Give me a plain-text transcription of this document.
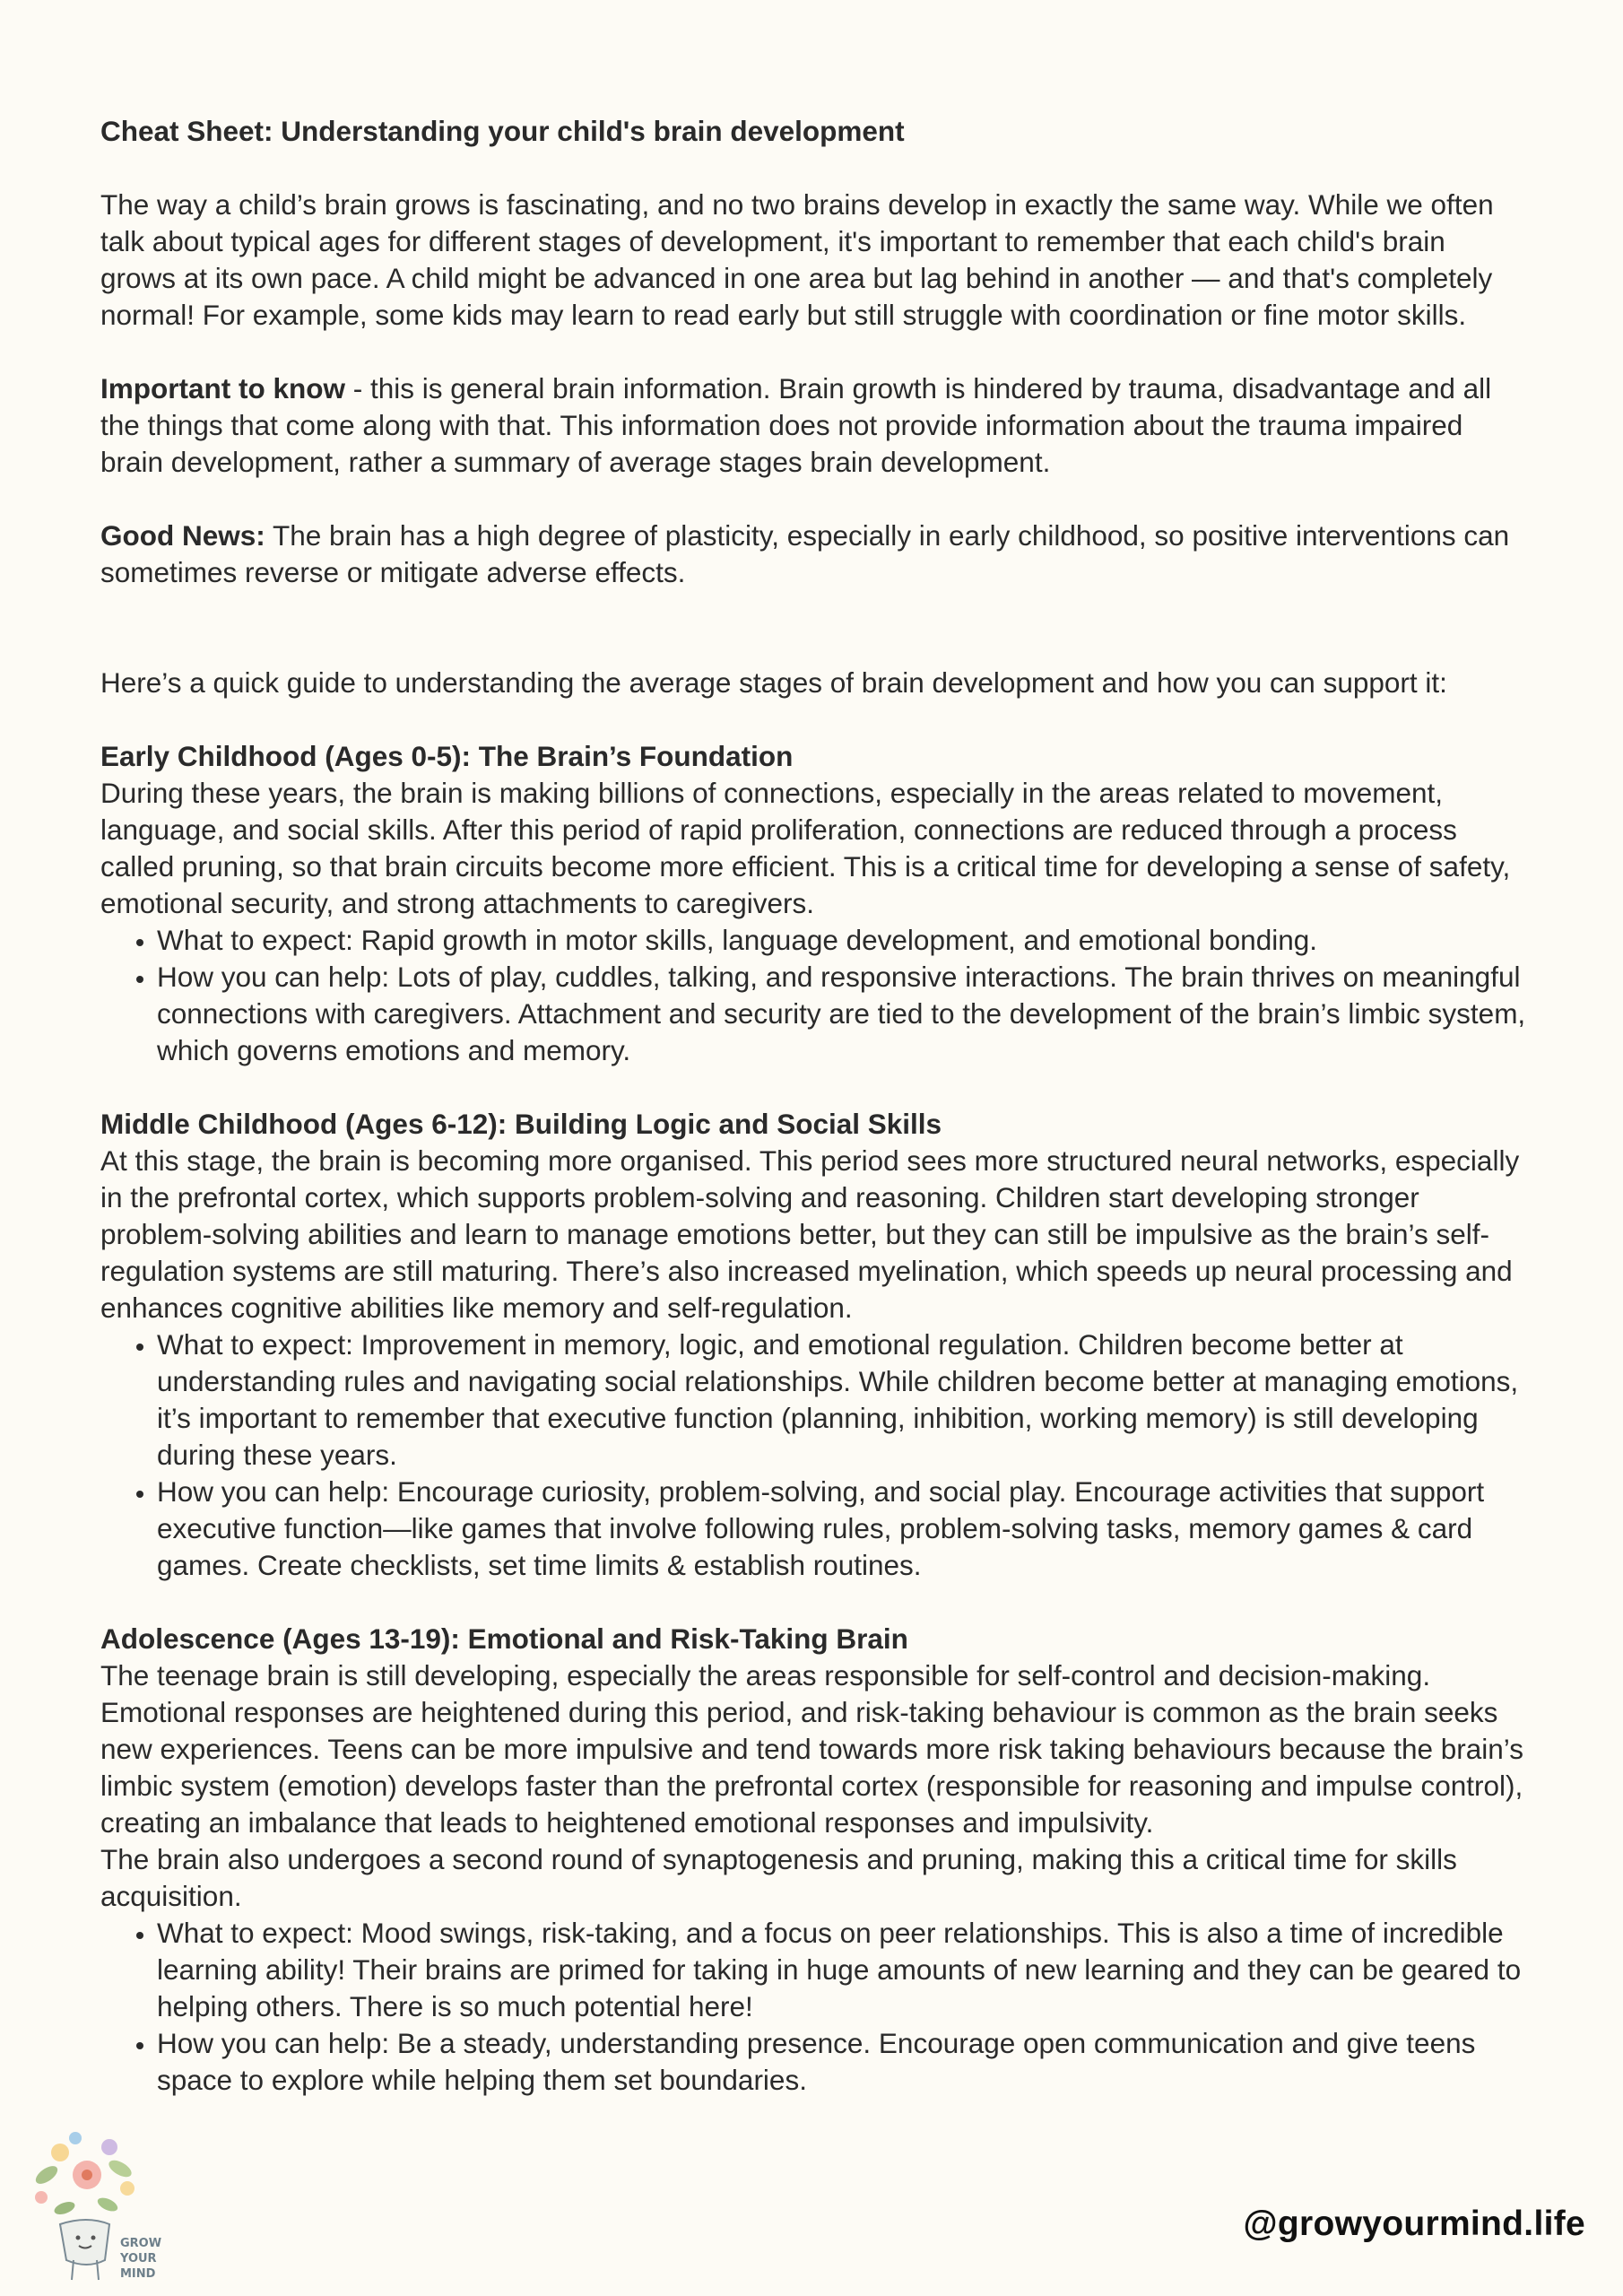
Cheat Sheet: Understanding your child's brain development

The way a child’s brain grows is fascinating, and no two brains develop in exactly the same way. While we often talk about typical ages for different stages of development, it's important to remember that each child's brain grows at its own pace. A child might be advanced in one area but lag behind in another — and that's completely normal! For example, some kids may learn to read early but still struggle with coordination or fine motor skills.

Important to know - this is general brain information. Brain growth is hindered by trauma, disadvantage and all the things that come along with that. This information does not provide information about the trauma impaired brain development, rather a summary of average stages brain development.

Good News: The brain has a high degree of plasticity, especially in early childhood, so positive interventions can sometimes reverse or mitigate adverse effects.

Here’s a quick guide to understanding the average stages of brain development and how you can support it:

Early Childhood (Ages 0-5): The Brain’s Foundation
During these years, the brain is making billions of connections, especially in the areas related to movement, language, and social skills. After this period of rapid proliferation, connections are reduced through a process called pruning, so that brain circuits become more efficient. This is a critical time for developing a sense of safety, emotional security, and strong attachments to caregivers.
• What to expect: Rapid growth in motor skills, language development, and emotional bonding.
• How you can help: Lots of play, cuddles, talking, and responsive interactions. The brain thrives on meaningful connections with caregivers. Attachment and security are tied to the development of the brain’s limbic system, which governs emotions and memory.
Middle Childhood (Ages 6-12): Building Logic and Social Skills
At this stage, the brain is becoming more organised. This period sees more structured neural networks, especially in the prefrontal cortex, which supports problem-solving and reasoning. Children start developing stronger problem-solving abilities and learn to manage emotions better, but they can still be impulsive as the brain’s self-regulation systems are still maturing. There’s also increased myelination, which speeds up neural processing and enhances cognitive abilities like memory and self-regulation.
• What to expect: Improvement in memory, logic, and emotional regulation. Children become better at understanding rules and navigating social relationships. While children become better at managing emotions, it’s important to remember that executive function (planning, inhibition, working memory) is still developing during these years.
• How you can help: Encourage curiosity, problem-solving, and social play. Encourage activities that support executive function—like games that involve following rules, problem-solving tasks, memory games & card games. Create checklists, set time limits & establish routines.
Adolescence (Ages 13-19): Emotional and Risk-Taking Brain
The teenage brain is still developing, especially the areas responsible for self-control and decision-making. Emotional responses are heightened during this period, and risk-taking behaviour is common as the brain seeks new experiences. Teens can be more impulsive and tend towards more risk taking behaviours because the brain’s limbic system (emotion) develops faster than the prefrontal cortex (responsible for reasoning and impulse control), creating an imbalance that leads to heightened emotional responses and impulsivity.
The brain also undergoes a second round of synaptogenesis and pruning, making this a critical time for skills acquisition.
• What to expect: Mood swings, risk-taking, and a focus on peer relationships. This is also a time of incredible learning ability! Their brains are primed for taking in huge amounts of new learning and they can be geared to helping others. There is so much potential here!
• How you can help: Be a steady, understanding presence. Encourage open communication and give teens space to explore while helping them set boundaries.
GROW
YOUR
MIND
@growyourmind.life
